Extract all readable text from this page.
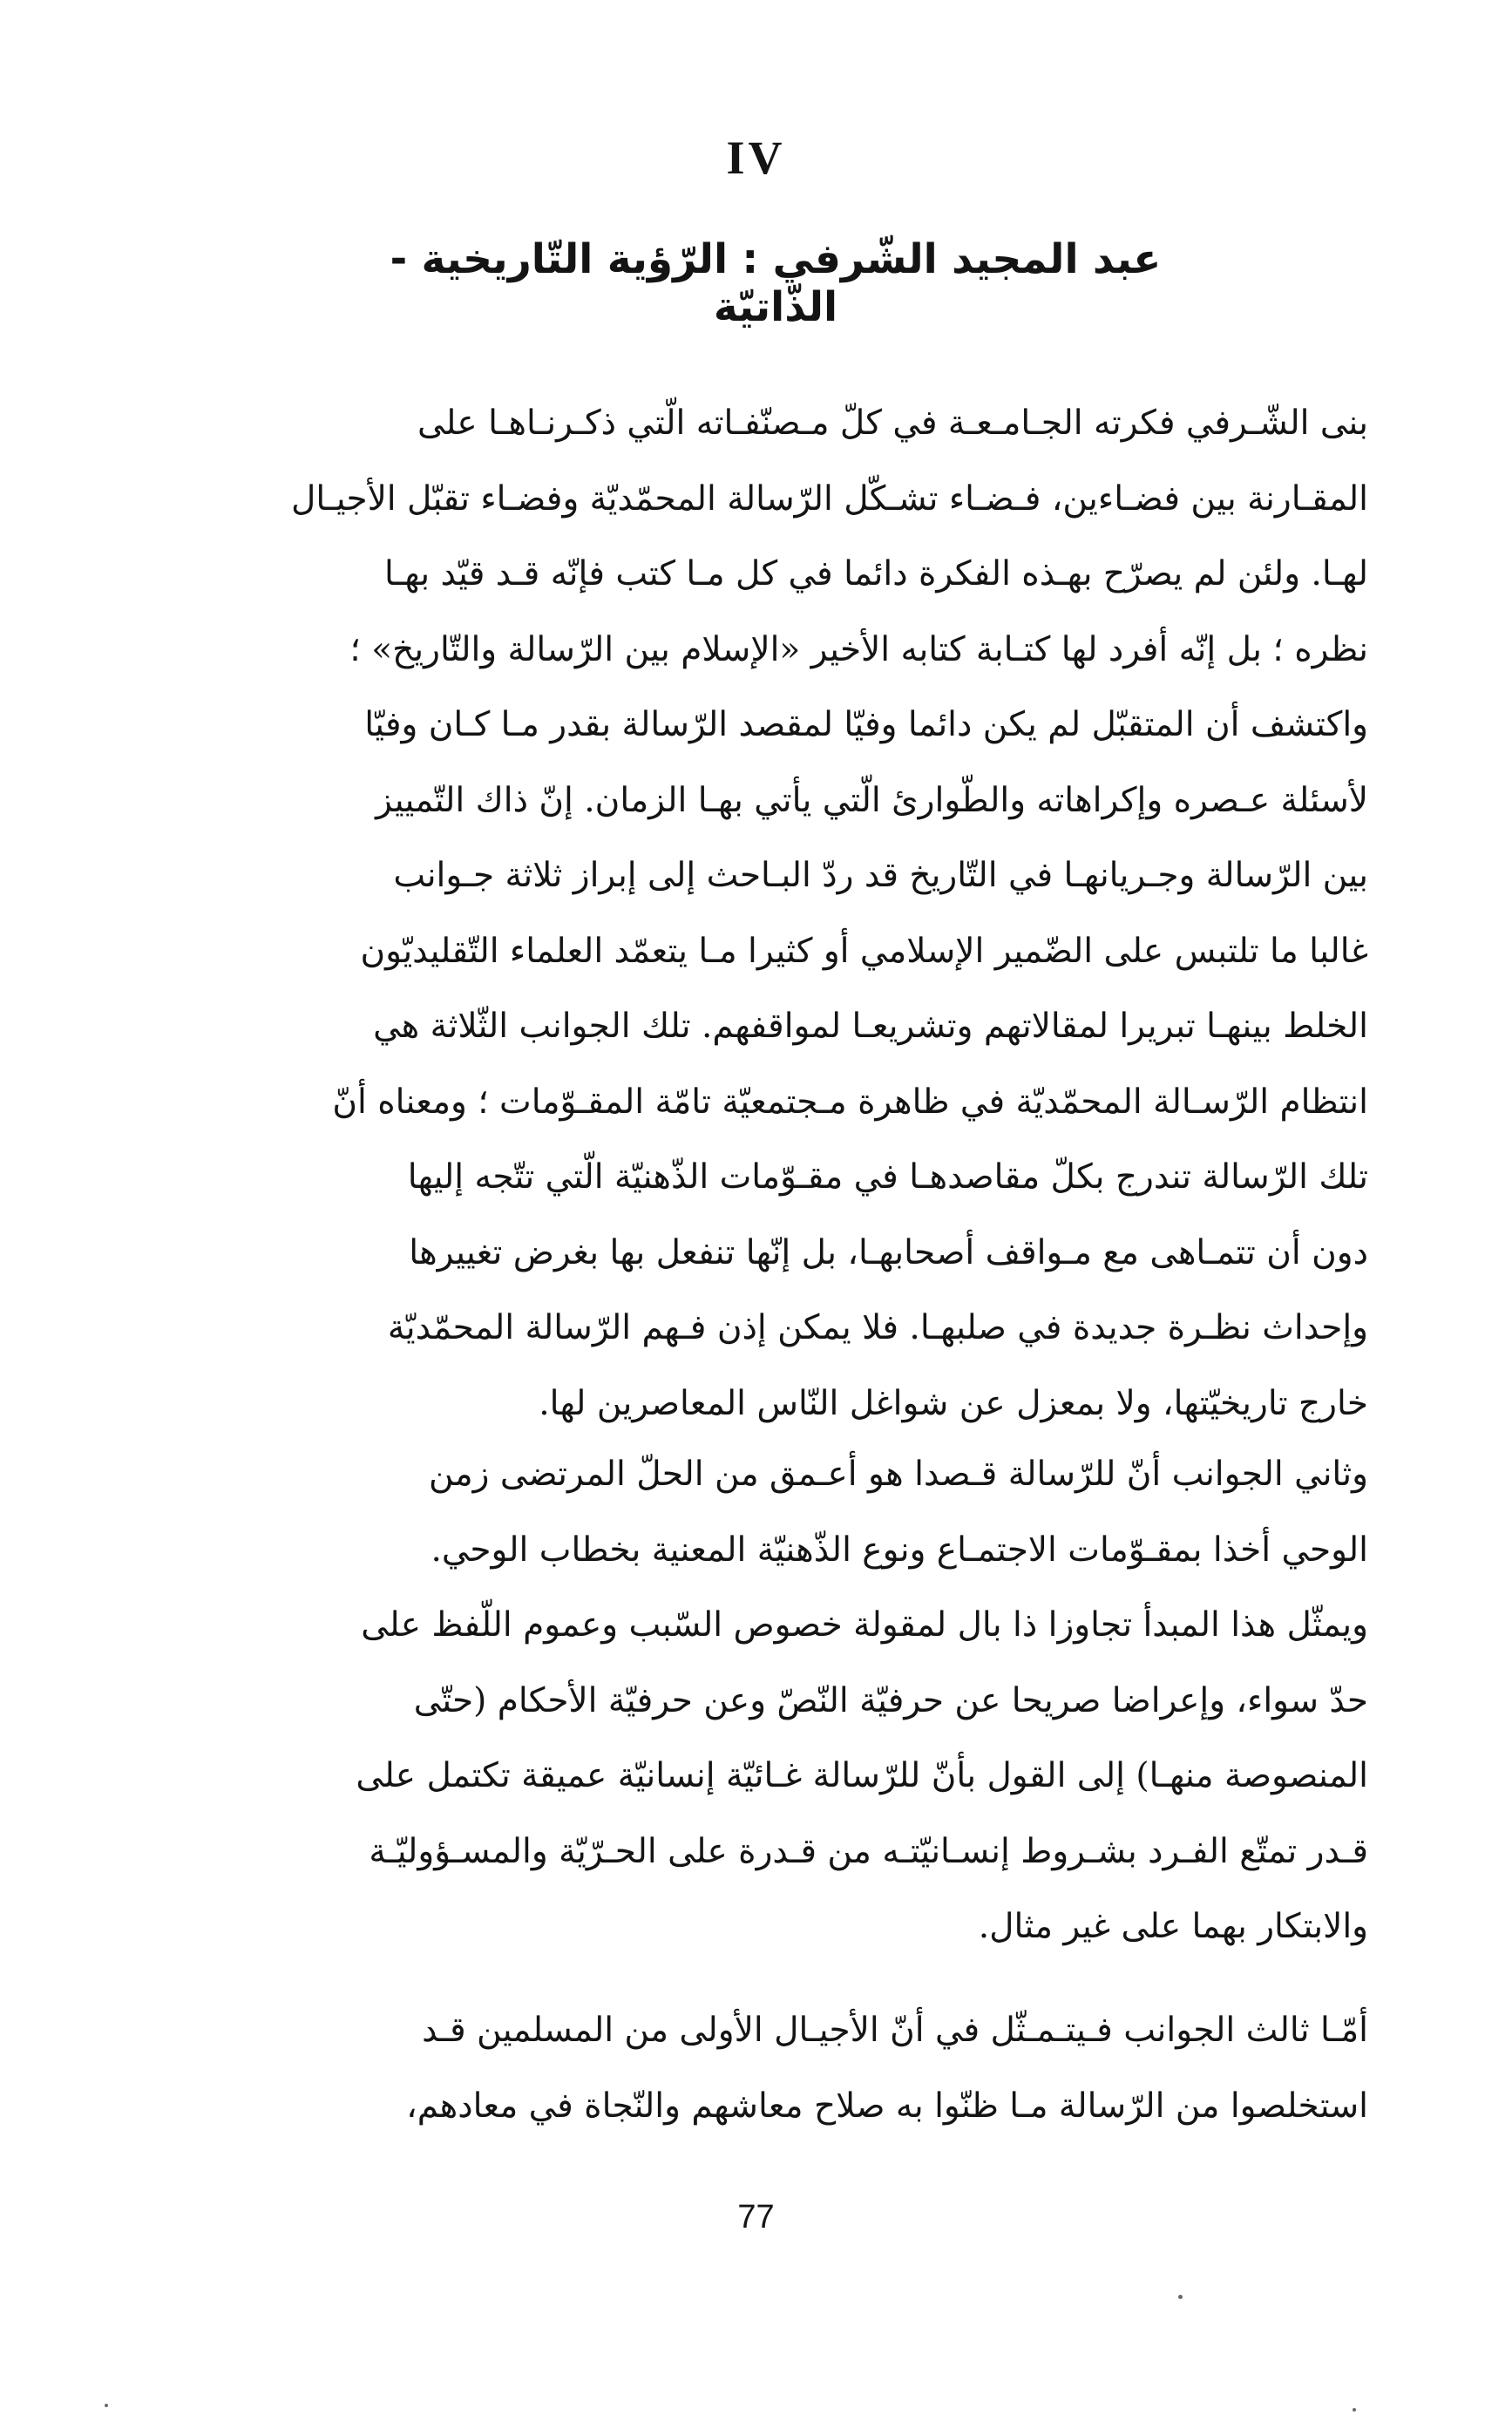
IV
عبد المجيد الشّرفي : الرّؤية التّاريخية - الذّاتيّة
بنى الشّـرفي فكرته الجـامـعـة في كلّ مـصنّفـاته الّتي ذكـرنـاهـا على
المقـارنة بين فضـاءين، فـضـاء تشـكّل الرّسالة المحمّديّة وفضـاء تقبّل الأجيـال
لهـا. ولئن لم يصرّح بهـذه الفكرة دائما في كل مـا كتب فإنّه قـد قيّد بهـا
نظره ؛ بل إنّه أفرد لها كتـابة كتابه الأخير «الإسلام بين الرّسالة والتّاريخ» ؛
واكتشف أن المتقبّل لم يكن دائما وفيّا لمقصد الرّسالة بقدر مـا كـان وفيّا
لأسئلة عـصره وإكراهاته والطّوارئ الّتي يأتي بهـا الزمان. إنّ ذاك التّمييز
بين الرّسالة وجـريانهـا في التّاريخ قد ردّ البـاحث إلى إبراز ثلاثة جـوانب
غالبا ما تلتبس على الضّمير الإسلامي أو كثيرا مـا يتعمّد العلماء التّقليديّون
الخلط بينهـا تبريرا لمقالاتهم وتشريعـا لمواقفهم. تلك الجوانب الثّلاثة هي
انتظام الرّسـالة المحمّديّة في ظاهرة مـجتمعيّة تامّة المقـوّمات ؛ ومعناه أنّ
تلك الرّسالة تندرج بكلّ مقاصدهـا في مقـوّمات الذّهنيّة الّتي تتّجه إليها
دون أن تتمـاهى مع مـواقف أصحابهـا، بل إنّها تنفعل بها بغرض تغييرها
وإحداث نظـرة جديدة في صلبهـا. فلا يمكن إذن فـهم الرّسالة المحمّديّة
خارج تاريخيّتها، ولا بمعزل عن شواغل النّاس المعاصرين لها.
وثاني الجوانب أنّ للرّسالة قـصدا هو أعـمق من الحلّ المرتضى زمن
الوحي أخذا بمقـوّمات الاجتمـاع ونوع الذّهنيّة المعنية بخطاب الوحي.
ويمثّل هذا المبدأ تجاوزا ذا بال لمقولة خصوص السّبب وعموم اللّفظ على
حدّ سواء، وإعراضا صريحا عن حرفيّة النّصّ وعن حرفيّة الأحكام (حتّى
المنصوصة منهـا) إلى القول بأنّ للرّسالة غـائيّة إنسانيّة عميقة تكتمل على
قـدر تمتّع الفـرد بشـروط إنسـانيّتـه من قـدرة على الحـرّيّة والمسـؤوليّـة
والابتكار بهما على غير مثال.
أمّـا ثالث الجوانب فـيتـمـثّل في أنّ الأجيـال الأولى من المسلمين قـد
استخلصوا من الرّسالة مـا ظنّوا به صلاح معاشهم والنّجاة في معادهم،
77
